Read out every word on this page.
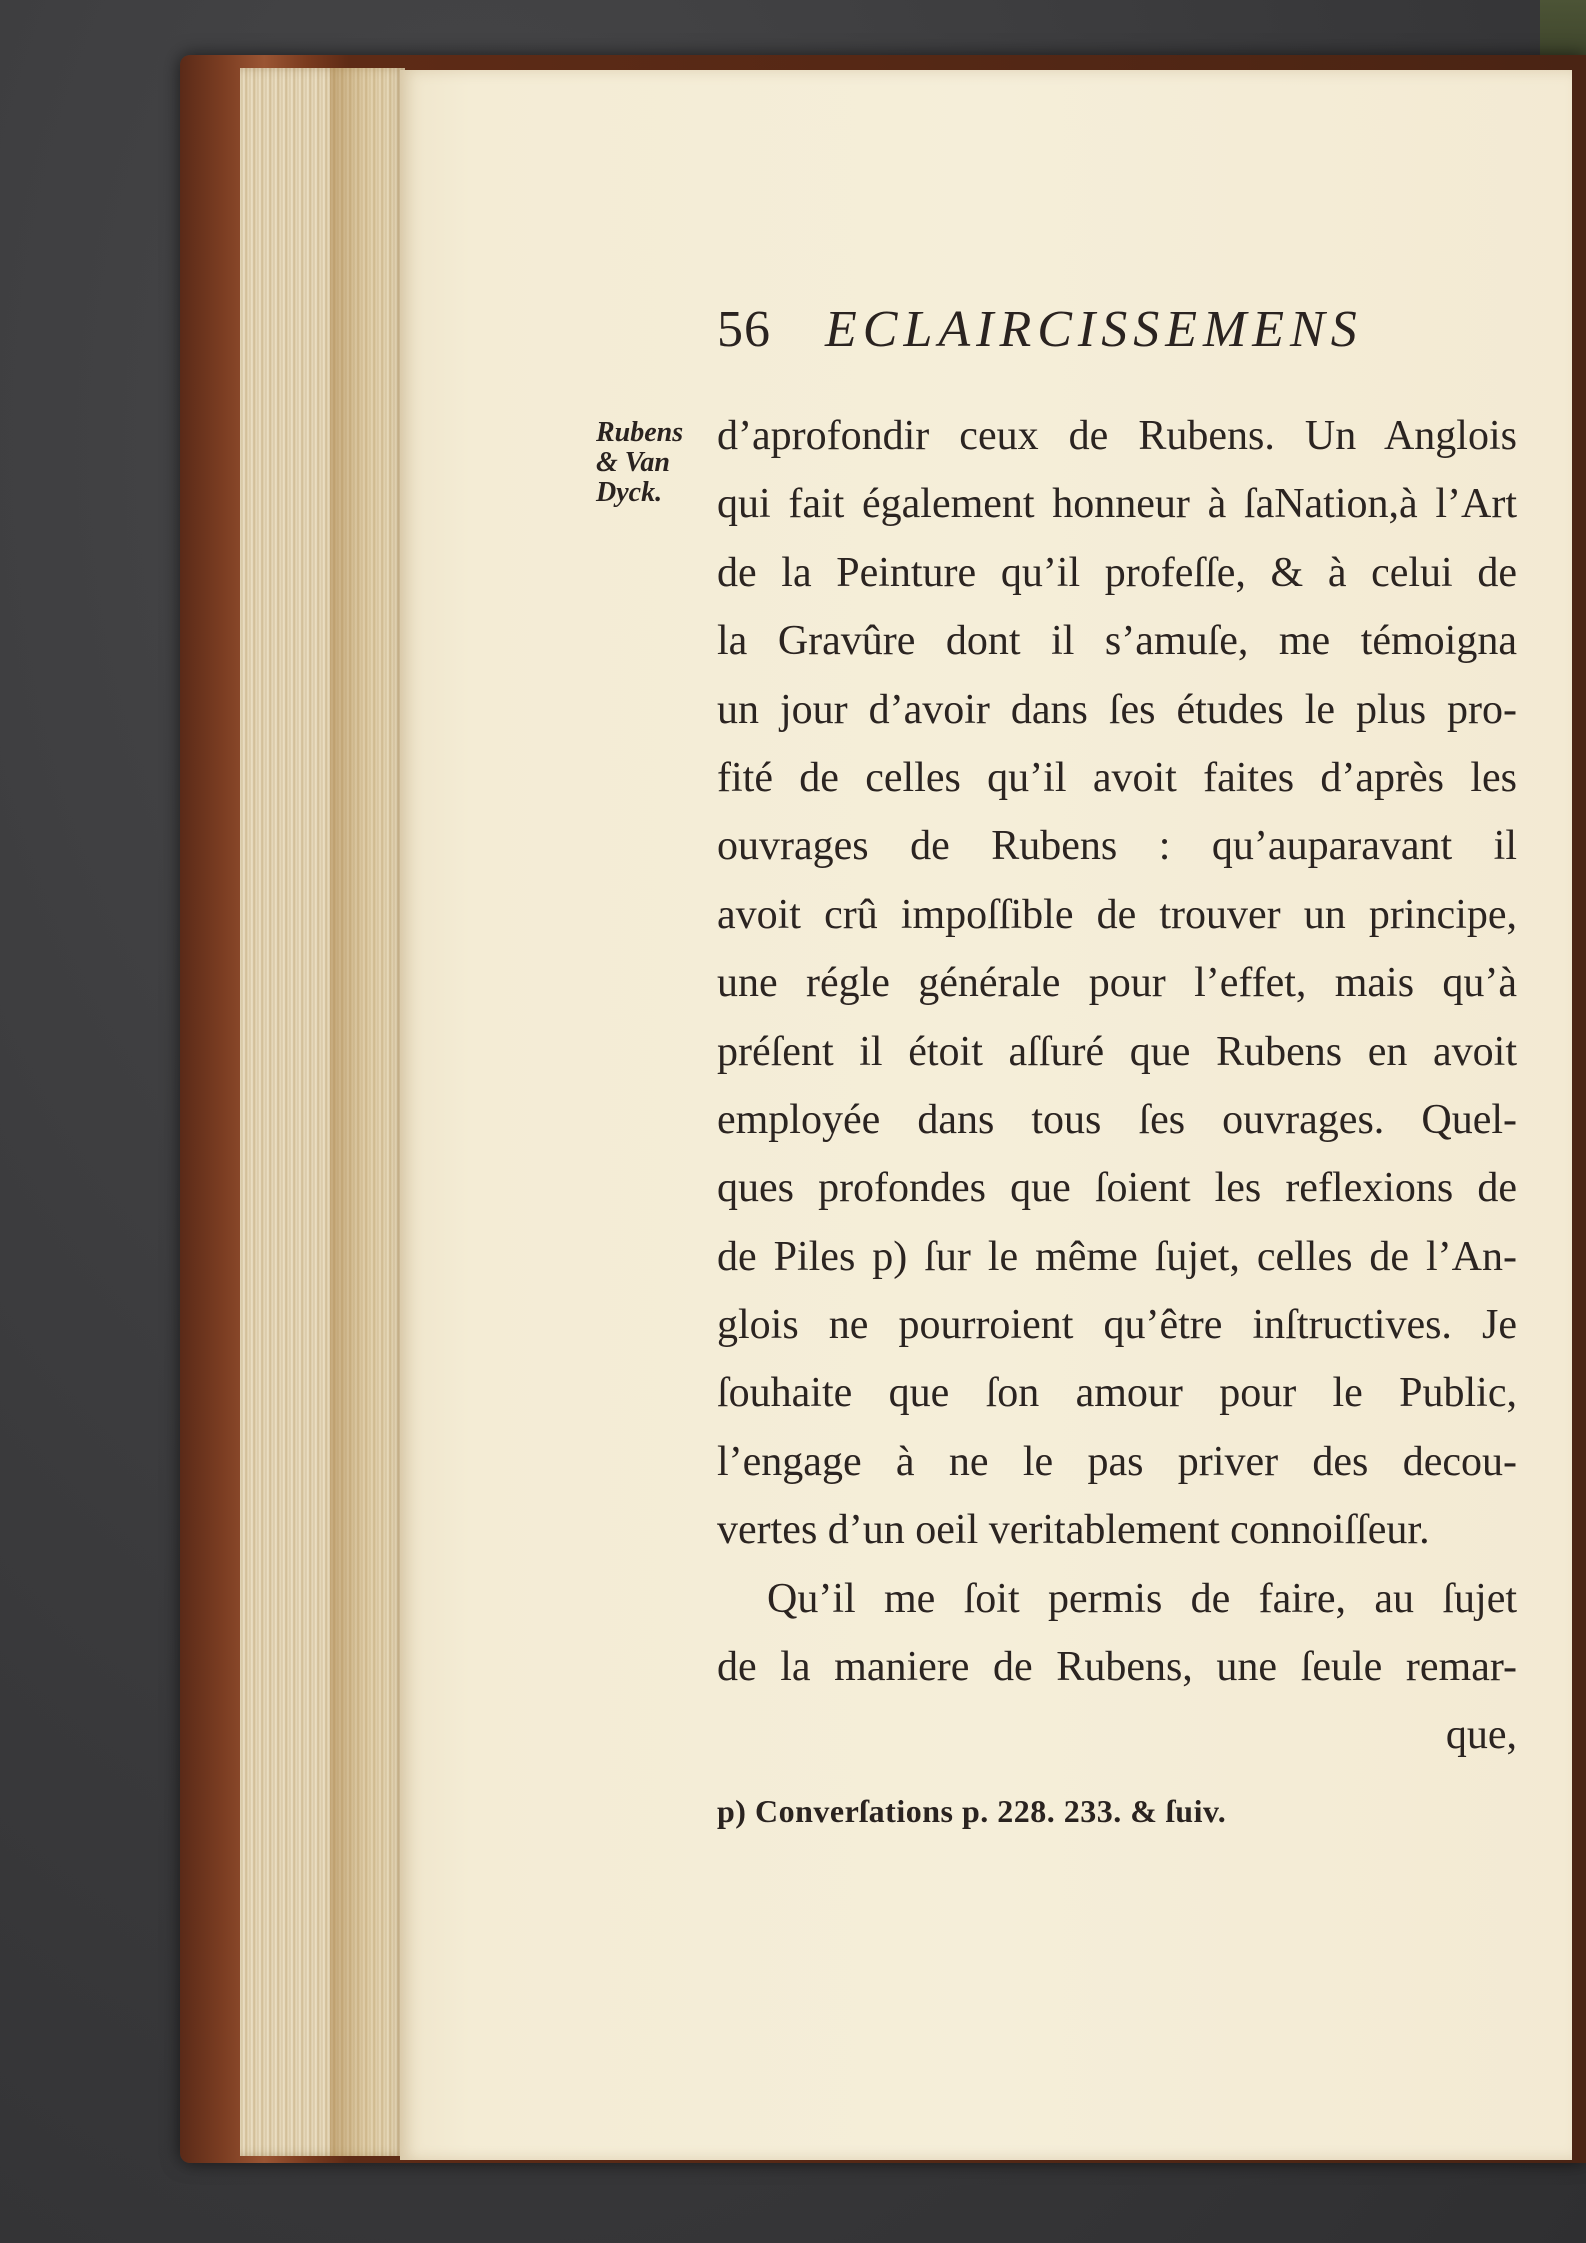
56 ECLAIRCISSEMENS
Rubens
& Van
Dyck.
d’aprofondir ceux de Rubens. Un Anglois
qui fait également honneur à ſaNation,à l’Art
de la Peinture qu’il profeſſe, & à celui de
la Gravûre dont il s’amuſe, me témoigna
un jour d’avoir dans ſes études le plus pro-
fité de celles qu’il avoit faites d’après les
ouvrages de Rubens : qu’auparavant il
avoit crû impoſſible de trouver un principe,
une régle générale pour l’effet, mais qu’à
préſent il étoit aſſuré que Rubens en avoit
employée dans tous ſes ouvrages. Quel-
ques profondes que ſoient les reflexions de
de Piles p) ſur le même ſujet, celles de l’An-
glois ne pourroient qu’être inſtructives. Je
ſouhaite que ſon amour pour le Public,
l’engage à ne le pas priver des decou-
vertes d’un oeil veritablement connoiſſeur.
Qu’il me ſoit permis de faire, au ſujet
de la maniere de Rubens, une ſeule remar-
que,
p) Converſations p. 228. 233. & ſuiv.
